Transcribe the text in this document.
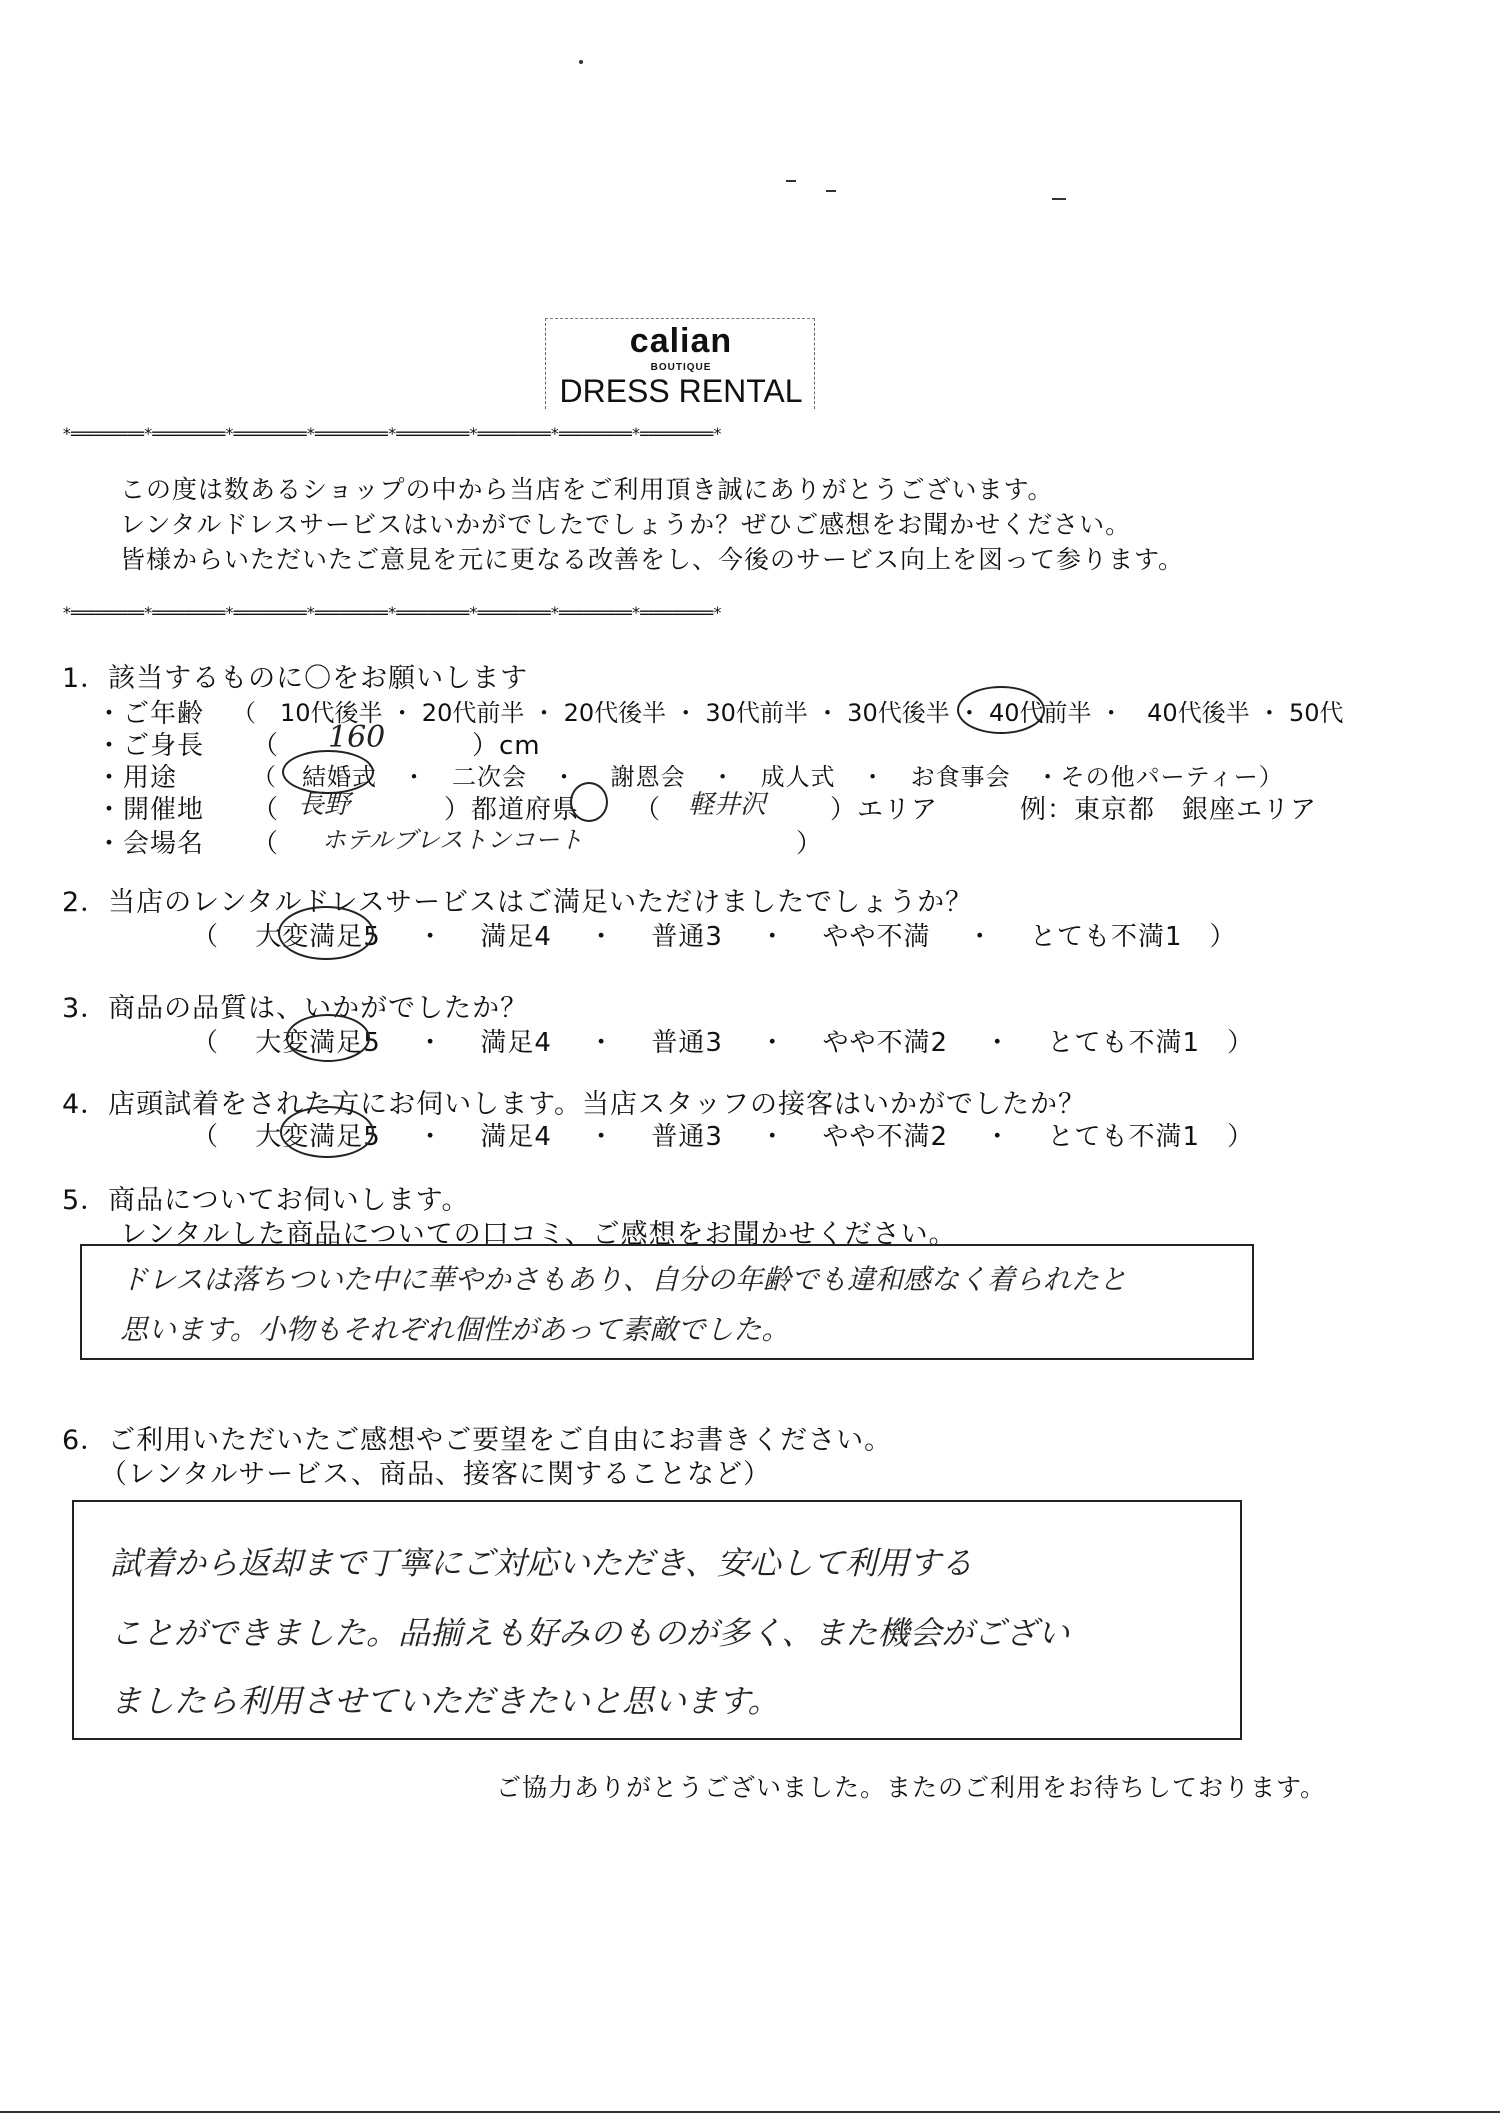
calian
BOUTIQUE
DRESS RENTAL
*=========*=========*=========*=========*=========*=========*=========*=========*
この度は数あるショップの中から当店をご利用頂き誠にありがとうございます。
レンタルドレスサービスはいかがでしたでしょうか？ぜひご感想をお聞かせください。
皆様からいただいたご意見を元に更なる改善をし、今後のサービス向上を図って参ります。
*=========*=========*=========*=========*=========*=========*=========*=========*
1．該当するものに〇をお願いします
・ご年齢 （　10代後半 ・ 20代前半 ・ 20代後半 ・ 30代前半 ・ 30代後半 ・ 40代前半 ・　40代後半 ・ 50代
・ご身長 （ 160	）cm
・用途	（　結婚式　・　二次会　・　 謝恩会　・　成人式　・　お食事会　・その他パーティー）
・開催地 （ 長野	）都道府県 （ 軽井沢 ）エリア	例：東京都　銀座エリア
・会場名 （ ホテルブレストンコート	）
2．当店のレンタルドレスサービスはご満足いただけましたでしょうか？
（　 大変満足5　 ・　 満足4　 ・　 普通3　 ・　 やや不満　 ・　 とても不満1　）
3．商品の品質は、いかがでしたか？
（　 大変満足5　 ・　 満足4　 ・　 普通3　 ・　 やや不満2　 ・　 とても不満1　）
4．店頭試着をされた方にお伺いします。当店スタッフの接客はいかがでしたか？
（　 大変満足5　 ・　 満足4　 ・　 普通3　 ・　 やや不満2　 ・　 とても不満1　）
5．商品についてお伺いします。
レンタルした商品についての口コミ、ご感想をお聞かせください。
ドレスは落ちついた中に華やかさもあり、自分の年齢でも違和感なく着られたと
思います。小物もそれぞれ個性があって素敵でした。
6．ご利用いただいたご感想やご要望をご自由にお書きください。
（レンタルサービス、商品、接客に関することなど）
試着から返却まで丁寧にご対応いただき、安心して利用する
ことができました。品揃えも好みのものが多く、また機会がござい
ましたら利用させていただきたいと思います。
ご協力ありがとうございました。またのご利用をお待ちしております。
